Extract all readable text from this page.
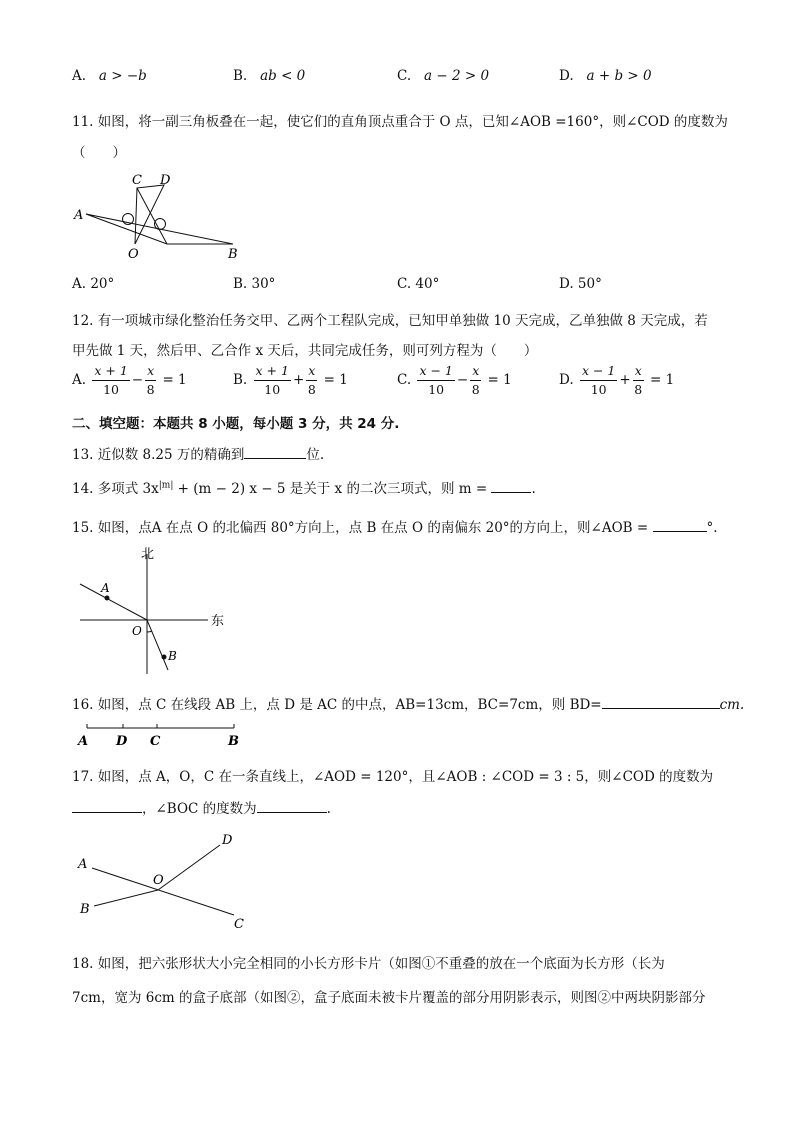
A. a > −b	B. ab < 0	C. a − 2 > 0	D. a + b > 0
11. 如图，将一副三角板叠在一起，使它们的直角顶点重合于 O 点，已知∠AOB =160°，则∠COD 的度数为
（　　）
A
C D
O	B
A. 20°	B. 30°	C. 40°	D. 50°
12. 有一项城市绿化整治任务交甲、乙两个工程队完成，已知甲单独做 10 天完成，乙单独做 8 天完成，若
甲先做 1 天，然后甲、乙合作 x 天后，共同完成任务，则可列方程为（　　）
A. $\frac{x + 1}{10} - \frac{x}{8} = 1$	B. $\frac{x + 1}{10} + \frac{x}{8} = 1$	C. $\frac{x - 1}{10} - \frac{x}{8} = 1$	D. $\frac{x - 1}{10} + \frac{x}{8} = 1$
二、填空题：本题共 8 小题，每小题 3 分，共 24 分.
13. 近似数 8.25 万的精确到	位.
14. 多项式 $3x^{|m|} + (m - 2) x - 5$ 是关于 x 的二次三项式，则 m =	.
15. 如图，点A 在点 O 的北偏西 80°方向上，点 B 在点 O 的南偏东 20°的方向上，则∠AOB =	°.
北
东
A
O
B
16. 如图，点 C 在线段 AB 上，点 D 是 AC 的中点，AB=13cm，BC=7cm，则 BD=	cm.
A D C	B
17. 如图，点 A，O，C 在一条直线上，∠AOD = 120°，且∠AOB : ∠COD = 3 : 5，则∠COD 的度数为
，∠BOC 的度数为	.
A
B
C
D
O
18. 如图，把六张形状大小完全相同的小长方形卡片（如图①不重叠的放在一个底面为长方形（长为
7cm，宽为 6cm 的盒子底部（如图②，盒子底面未被卡片覆盖的部分用阴影表示，则图②中两块阴影部分
